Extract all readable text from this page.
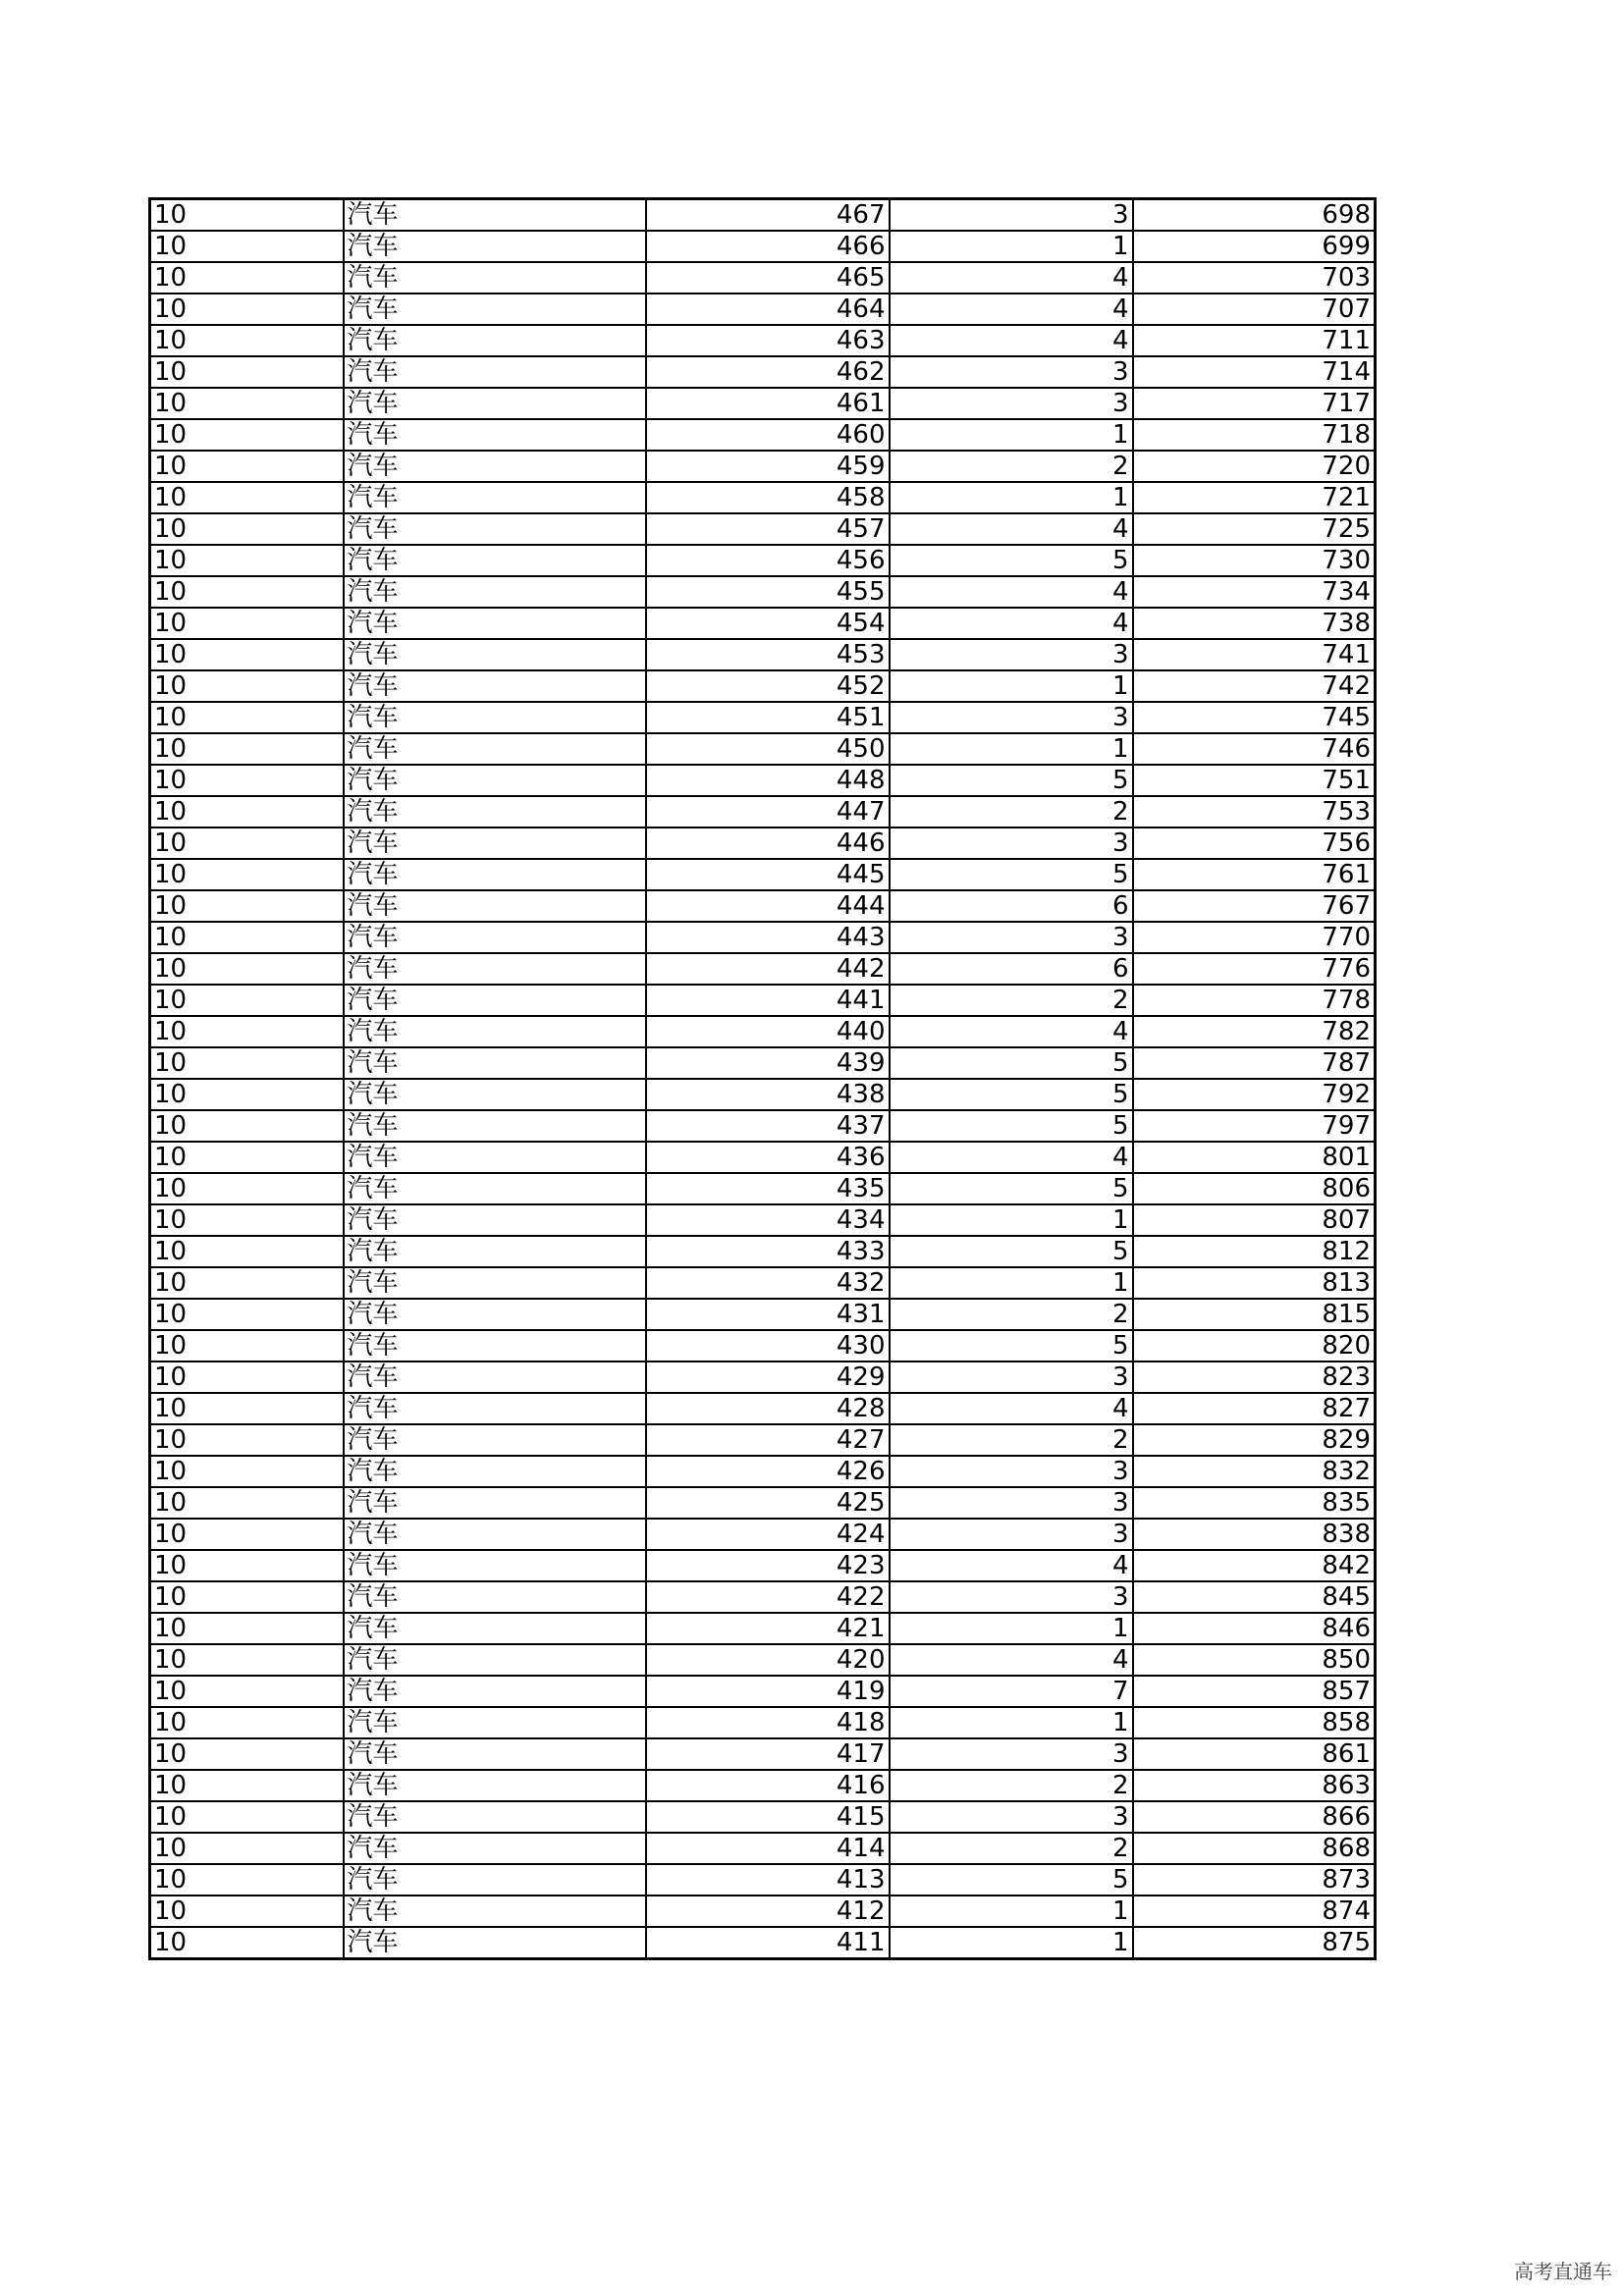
10	汽车	467	3	698
10	汽车	466	1	699
10	汽车	465	4	703
10	汽车	464	4	707
10	汽车	463	4	711
10	汽车	462	3	714
10	汽车	461	3	717
10	汽车	460	1	718
10	汽车	459	2	720
10	汽车	458	1	721
10	汽车	457	4	725
10	汽车	456	5	730
10	汽车	455	4	734
10	汽车	454	4	738
10	汽车	453	3	741
10	汽车	452	1	742
10	汽车	451	3	745
10	汽车	450	1	746
10	汽车	448	5	751
10	汽车	447	2	753
10	汽车	446	3	756
10	汽车	445	5	761
10	汽车	444	6	767
10	汽车	443	3	770
10	汽车	442	6	776
10	汽车	441	2	778
10	汽车	440	4	782
10	汽车	439	5	787
10	汽车	438	5	792
10	汽车	437	5	797
10	汽车	436	4	801
10	汽车	435	5	806
10	汽车	434	1	807
10	汽车	433	5	812
10	汽车	432	1	813
10	汽车	431	2	815
10	汽车	430	5	820
10	汽车	429	3	823
10	汽车	428	4	827
10	汽车	427	2	829
10	汽车	426	3	832
10	汽车	425	3	835
10	汽车	424	3	838
10	汽车	423	4	842
10	汽车	422	3	845
10	汽车	421	1	846
10	汽车	420	4	850
10	汽车	419	7	857
10	汽车	418	1	858
10	汽车	417	3	861
10	汽车	416	2	863
10	汽车	415	3	866
10	汽车	414	2	868
10	汽车	413	5	873
10	汽车	412	1	874
10	汽车	411	1	875
高考直通车
